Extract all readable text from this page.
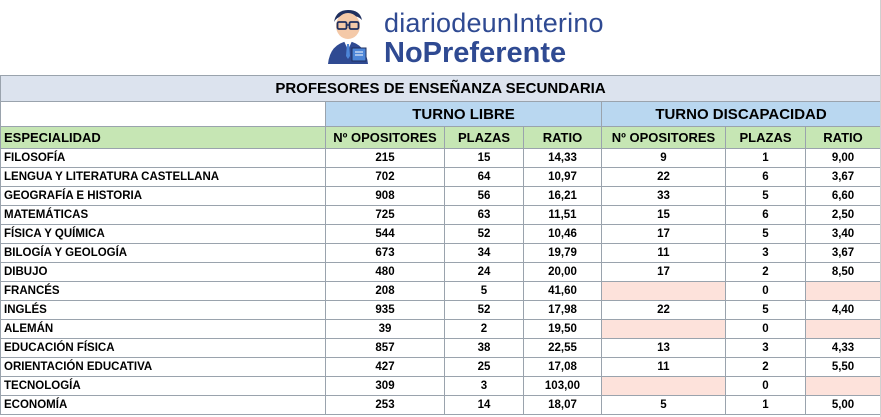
diariodeunInterino
NoPreferente
PROFESORES DE ENSEÑANZA SECUNDARIA						
	TURNO LIBRE			TURNO DISCAPACIDAD		
ESPECIALIDAD	Nº OPOSITORES	PLAZAS	RATIO	Nº OPOSITORES	PLAZAS	RATIO
FILOSOFÍA	215	15	14,33	9	1	9,00
LENGUA Y LITERATURA CASTELLANA	702	64	10,97	22	6	3,67
GEOGRAFÍA E HISTORIA	908	56	16,21	33	5	6,60
MATEMÁTICAS	725	63	11,51	15	6	2,50
FÍSICA Y QUÍMICA	544	52	10,46	17	5	3,40
BILOGÍA Y GEOLOGÍA	673	34	19,79	11	3	3,67
DIBUJO	480	24	20,00	17	2	8,50
FRANCÉS	208	5	41,60		0	
INGLÉS	935	52	17,98	22	5	4,40
ALEMÁN	39	2	19,50		0	
EDUCACIÓN FÍSICA	857	38	22,55	13	3	4,33
ORIENTACIÓN EDUCATIVA	427	25	17,08	11	2	5,50
TECNOLOGÍA	309	3	103,00		0	
ECONOMÍA	253	14	18,07	5	1	5,00
